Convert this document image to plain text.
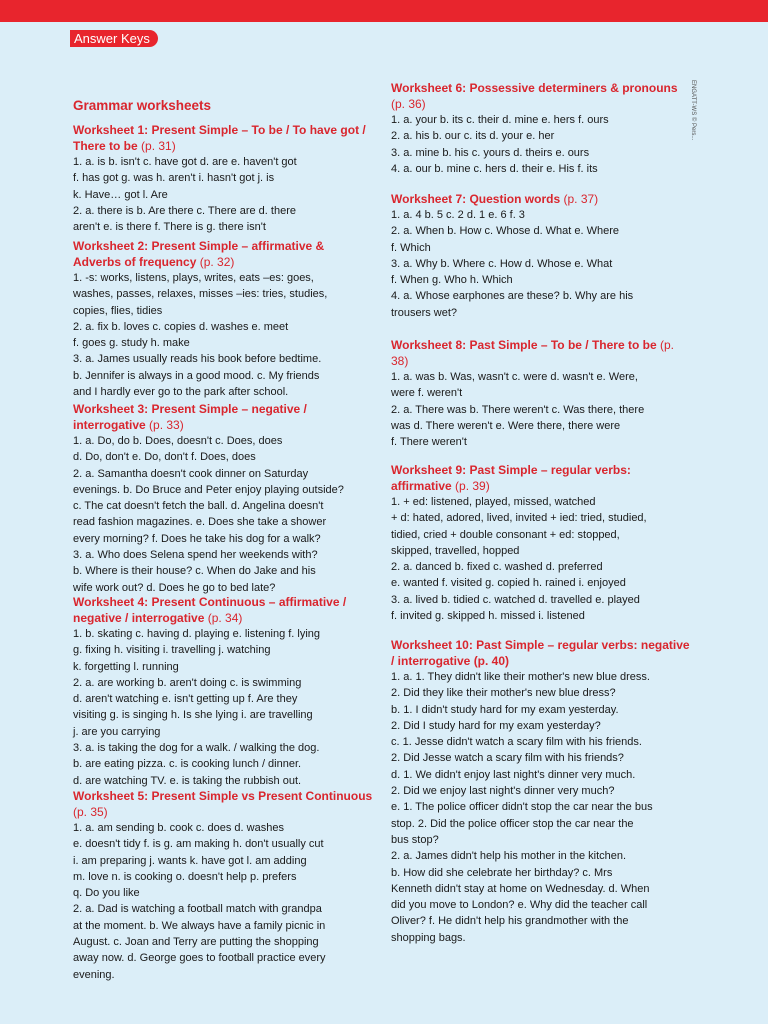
Answer Keys
ENGATT-WS © Pers...
Grammar worksheets
Worksheet 1: Present Simple – To be / To have got / There to be (p. 31)

1. a. is b. isn't c. have got d. are e. haven't got

f. has got g. was h. aren't i. hasn't got j. is

k. Have… got l. Are

2. a. there is b. Are there c. There are d. there

aren't e. is there f. There is g. there isn't

Worksheet 2: Present Simple – affirmative & Adverbs of frequency (p. 32)

1. -s: works, listens, plays, writes, eats –es: goes,

washes, passes, relaxes, misses –ies: tries, studies,

copies, flies, tidies

2. a. fix b. loves c. copies d. washes e. meet

f. goes g. study h. make

3. a. James usually reads his book before bedtime.

b. Jennifer is always in a good mood. c. My friends

and I hardly ever go to the park after school.

Worksheet 3: Present Simple – negative / interrogative (p. 33)

1. a. Do, do b. Does, doesn't c. Does, does

d. Do, don't e. Do, don't f. Does, does

2. a. Samantha doesn't cook dinner on Saturday

evenings. b. Do Bruce and Peter enjoy playing outside?

c. The cat doesn't fetch the ball. d. Angelina doesn't

read fashion magazines. e. Does she take a shower

every morning? f. Does he take his dog for a walk?

3. a. Who does Selena spend her weekends with?

b. Where is their house? c. When do Jake and his

wife work out? d. Does he go to bed late?

Worksheet 4: Present Continuous – affirmative / negative / interrogative (p. 34)

1. b. skating c. having d. playing e. listening f. lying

g. fixing h. visiting i. travelling j. watching

k. forgetting l. running

2. a. are working b. aren't doing c. is swimming

d. aren't watching e. isn't getting up f. Are they

visiting g. is singing h. Is she lying i. are travelling

j. are you carrying

3. a. is taking the dog for a walk. / walking the dog.

b. are eating pizza. c. is cooking lunch / dinner.

d. are watching TV. e. is taking the rubbish out.

Worksheet 5: Present Simple vs Present Continuous (p. 35)

1. a. am sending b. cook c. does d. washes

e. doesn't tidy f. is g. am making h. don't usually cut

i. am preparing j. wants k. have got l. am adding

m. love n. is cooking o. doesn't help p. prefers

q. Do you like

2. a. Dad is watching a football match with grandpa

at the moment. b. We always have a family picnic in

August. c. Joan and Terry are putting the shopping

away now. d. George goes to football practice every

evening.

Worksheet 6: Possessive determiners & pronouns (p. 36)

1. a. your b. its c. their d. mine e. hers f. ours

2. a. his b. our c. its d. your e. her

3. a. mine b. his c. yours d. theirs e. ours

4. a. our b. mine c. hers d. their e. His f. its

Worksheet 7: Question words (p. 37)

1. a. 4 b. 5 c. 2 d. 1 e. 6 f. 3

2. a. When b. How c. Whose d. What e. Where

f. Which

3. a. Why b. Where c. How d. Whose e. What

f. When g. Who h. Which

4. a. Whose earphones are these? b. Why are his

trousers wet?

Worksheet 8: Past Simple – To be / There to be (p. 38)

1. a. was b. Was, wasn't c. were d. wasn't e. Were,

were f. weren't

2. a. There was b. There weren't c. Was there, there

was d. There weren't e. Were there, there were

f. There weren't

Worksheet 9: Past Simple – regular verbs: affirmative (p. 39)

1. + ed: listened, played, missed, watched

+ d: hated, adored, lived, invited + ied: tried, studied,

tidied, cried + double consonant + ed: stopped,

skipped, travelled, hopped

2. a. danced b. fixed c. washed d. preferred

e. wanted f. visited g. copied h. rained i. enjoyed

3. a. lived b. tidied c. watched d. travelled e. played

f. invited g. skipped h. missed i. listened

Worksheet 10: Past Simple – regular verbs: negative / interrogative (p. 40)

1. a. 1. They didn't like their mother's new blue dress.

2. Did they like their mother's new blue dress?

b. 1. I didn't study hard for my exam yesterday.

2. Did I study hard for my exam yesterday?

c. 1. Jesse didn't watch a scary film with his friends.

2. Did Jesse watch a scary film with his friends?

d. 1. We didn't enjoy last night's dinner very much.

2. Did we enjoy last night's dinner very much?

e. 1. The police officer didn't stop the car near the bus

stop. 2. Did the police officer stop the car near the

bus stop?

2. a. James didn't help his mother in the kitchen.

b. How did she celebrate her birthday? c. Mrs

Kenneth didn't stay at home on Wednesday. d. When

did you move to London? e. Why did the teacher call

Oliver? f. He didn't help his grandmother with the

shopping bags.
